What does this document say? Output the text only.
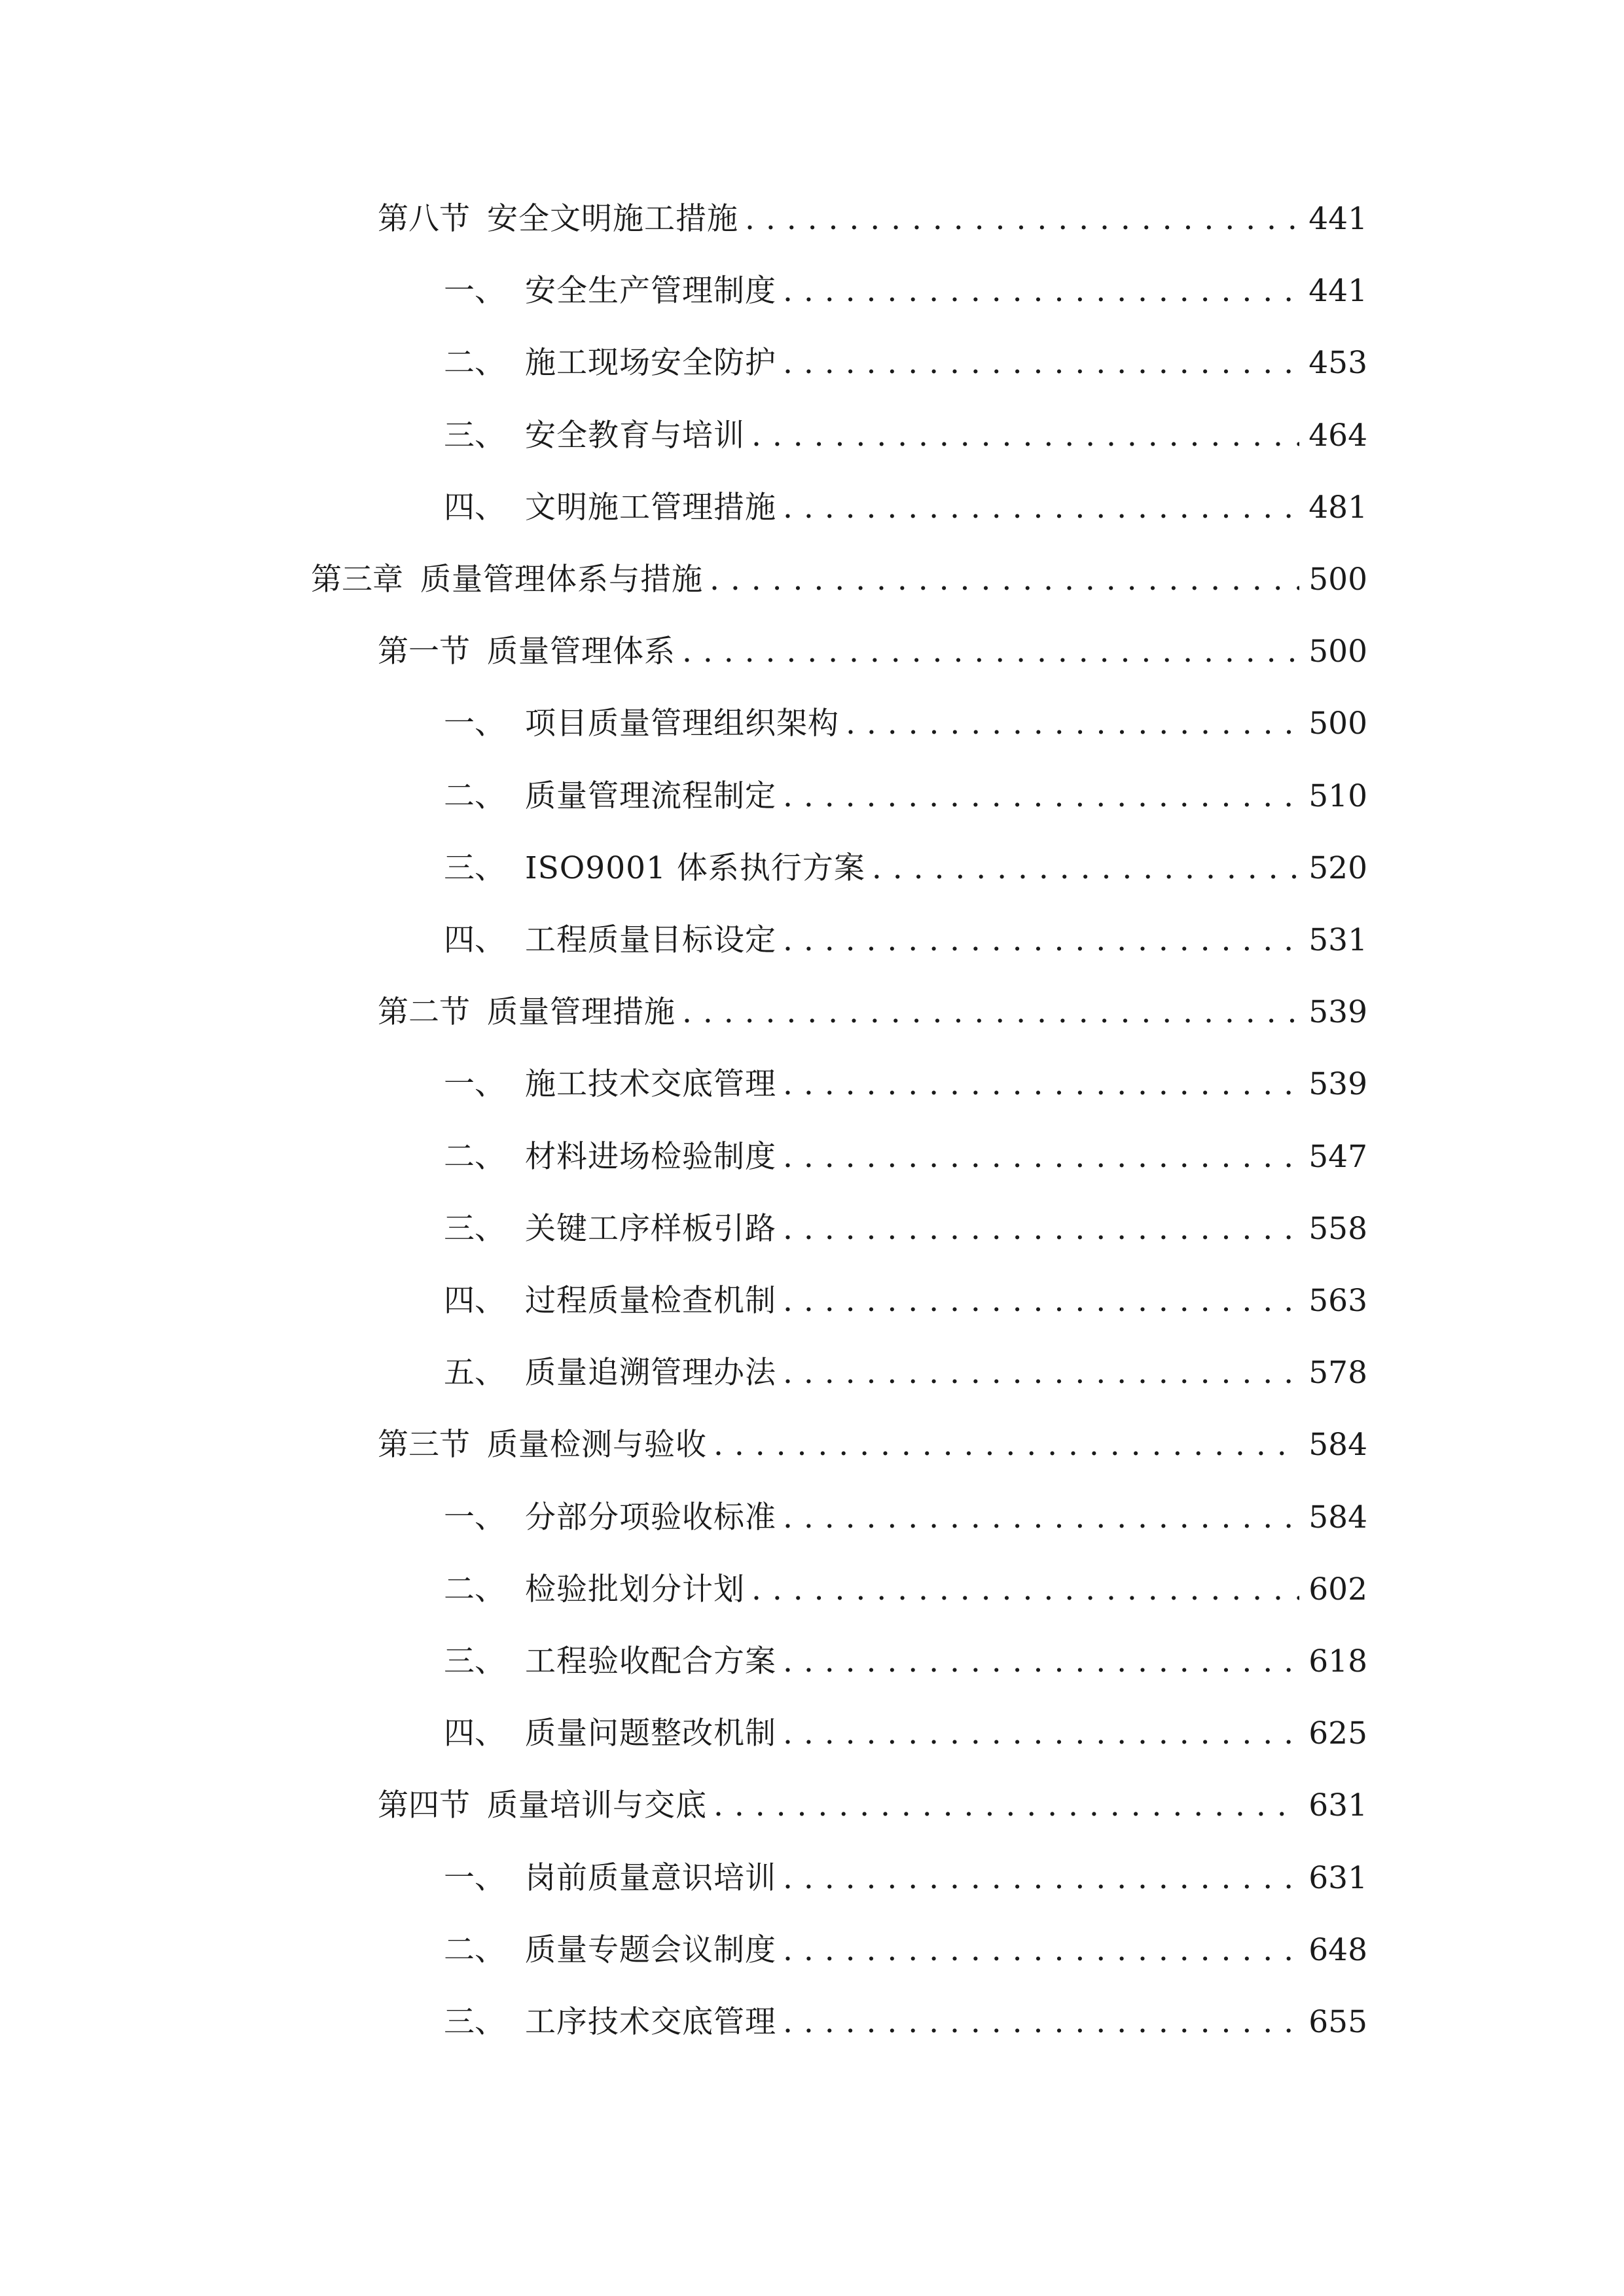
第八节 安全文明施工措施 . . .	441
一、 安全生产管理制度 . . .	441
二、 施工现场安全防护 . . .	453
三、 安全教育与培训 . . .	464
四、 文明施工管理措施 . . .	481
第三章 质量管理体系与措施 . . .	500
第一节 质量管理体系 . . .	500
一、 项目质量管理组织架构 . . .	500
二、 质量管理流程制定 . . .	510
三、 ISO9001 体系执行方案 . . .	520
四、 工程质量目标设定 . . .	531
第二节 质量管理措施 . . .	539
一、 施工技术交底管理 . . .	539
二、 材料进场检验制度 . . .	547
三、 关键工序样板引路 . . .	558
四、 过程质量检查机制 . . .	563
五、 质量追溯管理办法 . . .	578
第三节 质量检测与验收 . . .	584
一、 分部分项验收标准 . . .	584
二、 检验批划分计划 . . .	602
三、 工程验收配合方案 . . .	618
四、 质量问题整改机制 . . .	625
第四节 质量培训与交底 . . .	631
一、 岗前质量意识培训 . . .	631
二、 质量专题会议制度 . . .	648
三、 工序技术交底管理 . . .	655
